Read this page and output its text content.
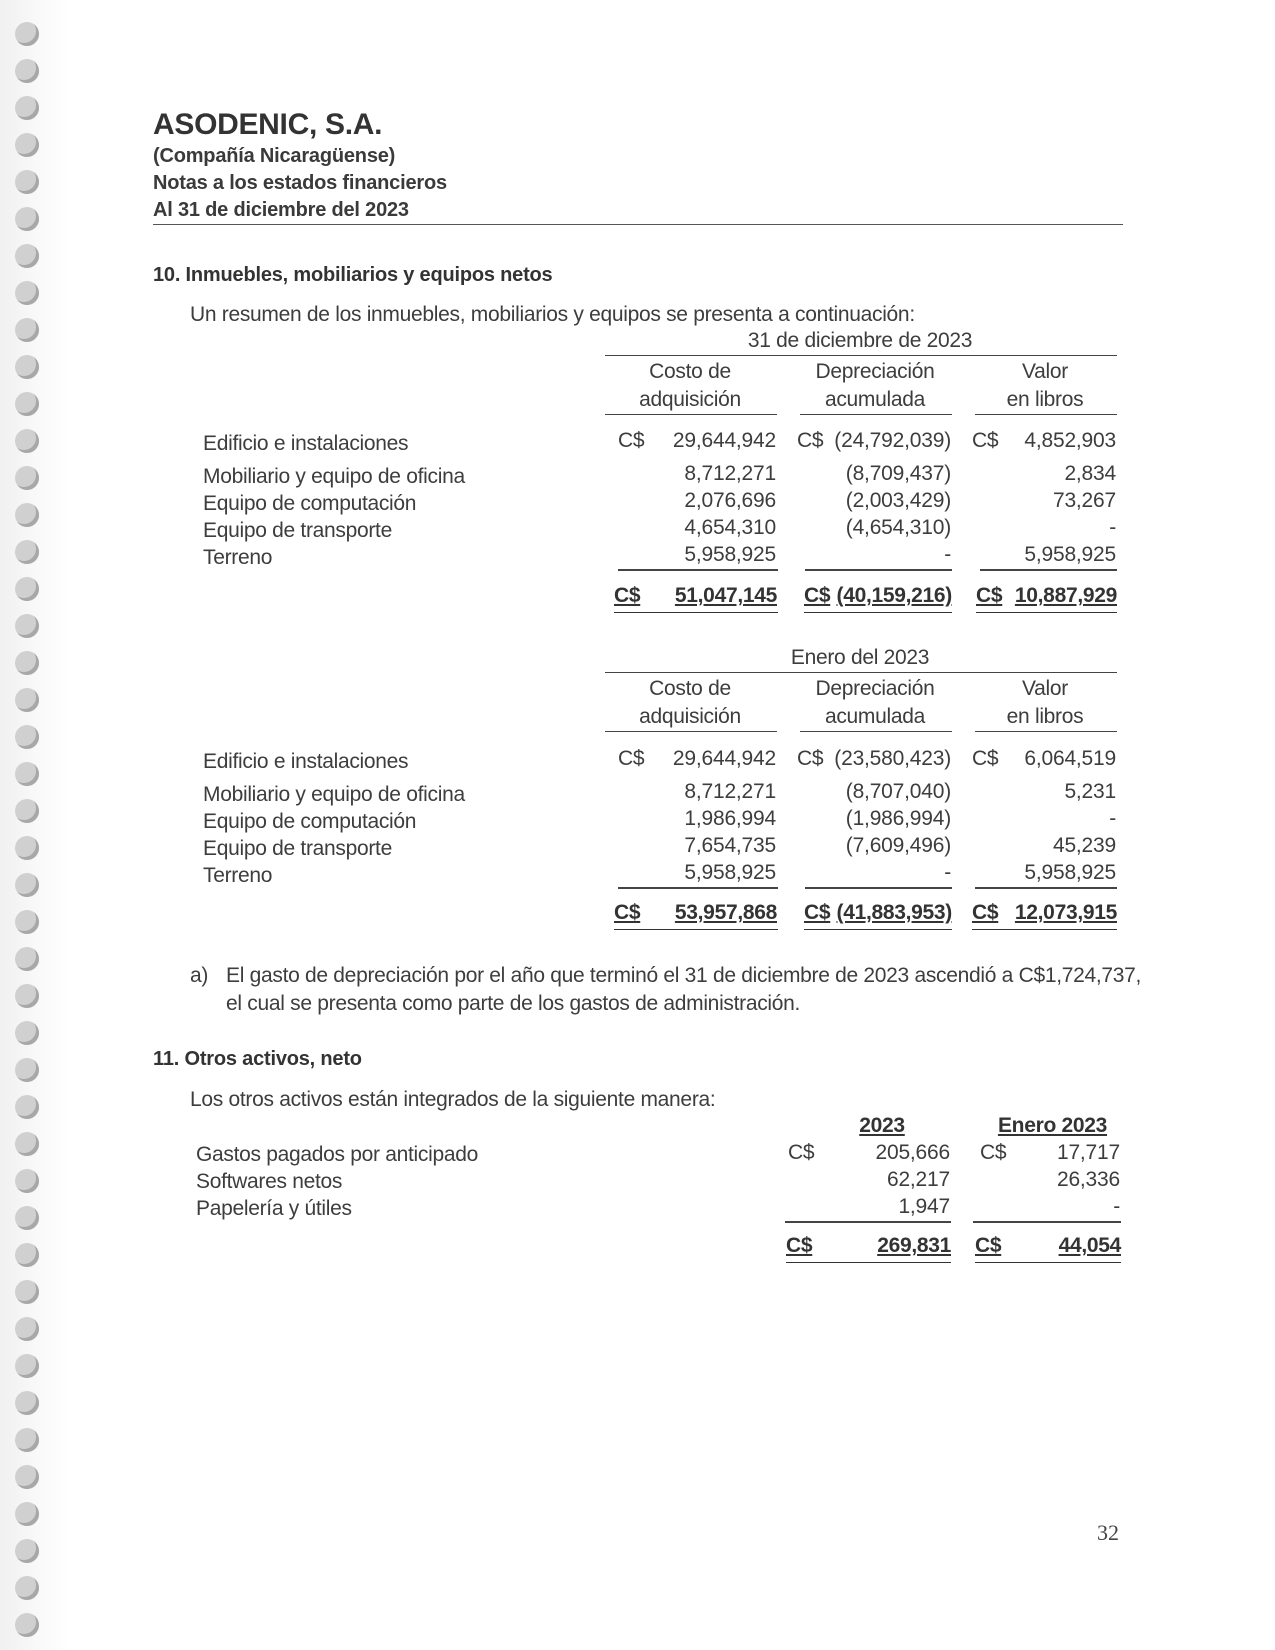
ASODENIC, S.A.
(Compañía Nicaragüense)
Notas a los estados financieros
Al 31 de diciembre del 2023
10. Inmuebles, mobiliarios y equipos netos
Un resumen de los inmuebles, mobiliarios y equipos se presenta a continuación:
31 de diciembre de 2023
Costo de
adquisición
Depreciación
acumulada
Valor
en libros
Edificio e instalaciones	C$	29,644,942 C$ (24,792,039) C$	4,852,903
Mobiliario y equipo de oficina	8,712,271	(8,709,437)	2,834
Equipo de computación	2,076,696	(2,003,429)	73,267
Equipo de transporte	4,654,310	(4,654,310)	-
Terreno	5,958,925	-	5,958,925
C$	51,047,145 C$ (40,159,216) C$ 10,887,929
Enero del 2023
Costo de
adquisición
Depreciación
acumulada
Valor
en libros
Edificio e instalaciones	C$	29,644,942 C$ (23,580,423) C$	6,064,519
Mobiliario y equipo de oficina	8,712,271	(8,707,040)	5,231
Equipo de computación	1,986,994	(1,986,994)	-
Equipo de transporte	7,654,735	(7,609,496)	45,239
Terreno	5,958,925	-	5,958,925
C$	53,957,868 C$ (41,883,953) C$ 12,073,915
a) El gasto de depreciación por el año que terminó el 31 de diciembre de 2023 ascendió a C$1,724,737,
el cual se presenta como parte de los gastos de administración.
11. Otros activos, neto
Los otros activos están integrados de la siguiente manera:
2023	Enero 2023
Gastos pagados por anticipado	C$	205,666 C$	17,717
Softwares netos	62,217	26,336
Papelería y útiles	1,947	-
C$	269,831 C$	44,054
32
